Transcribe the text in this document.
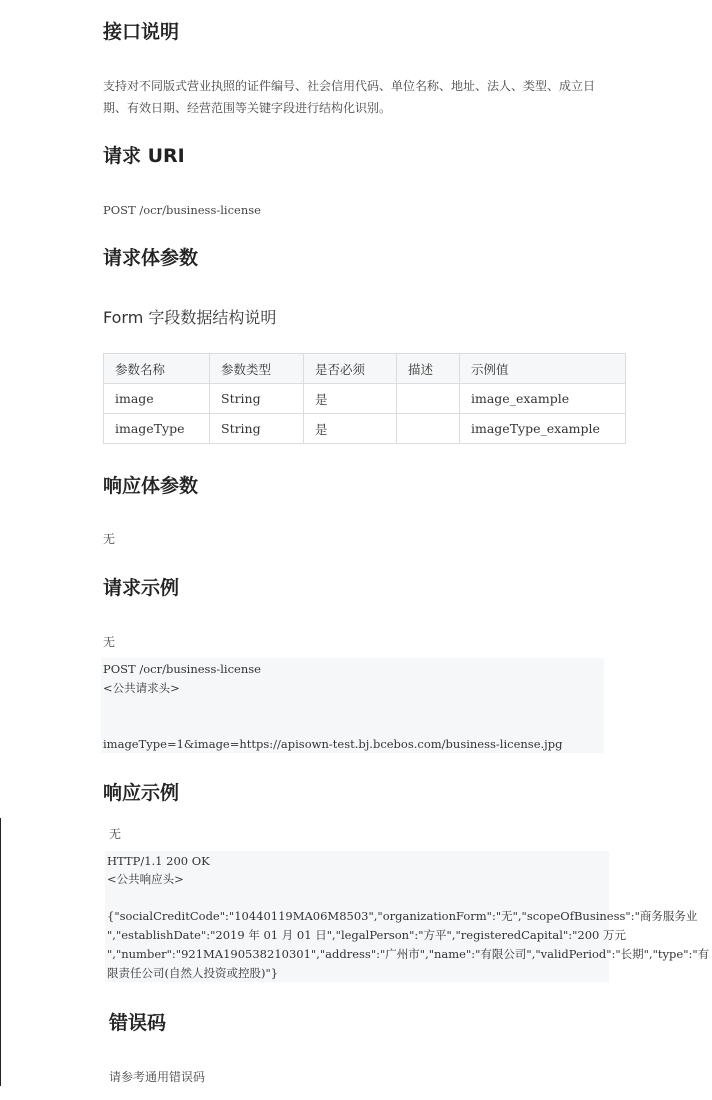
接口说明

支持对不同版式营业执照的证件编号、社会信用代码、单位名称、地址、法人、类型、成立日

期、有效日期、经营范围等关键字段进行结构化识别。

请求 URI

POST /ocr/business-license

请求体参数

Form 字段数据结构说明

参数名称	参数类型	是否必须	描述	示例值
image	String	是		image_example
imageType	String	是		imageType_example
响应体参数

无

请求示例

无

POST /ocr/business-license
<公共请求头>
imageType=1&image=https://apisown-test.bj.bcebos.com/business-license.jpg
响应示例

无

HTTP/1.1 200 OK
<公共响应头>
{"socialCreditCode":"10440119MA06M8503","organizationForm":"无","scopeOfBusiness":"商务服务业
","establishDate":"2019 年 01 月 01 日","legalPerson":"方平","registeredCapital":"200 万元
","number":"921MA190538210301","address":"广州市","name":"有限公司","validPeriod":"长期","type":"有
限责任公司(自然人投资或控股)"}
错误码

请参考通用错误码
